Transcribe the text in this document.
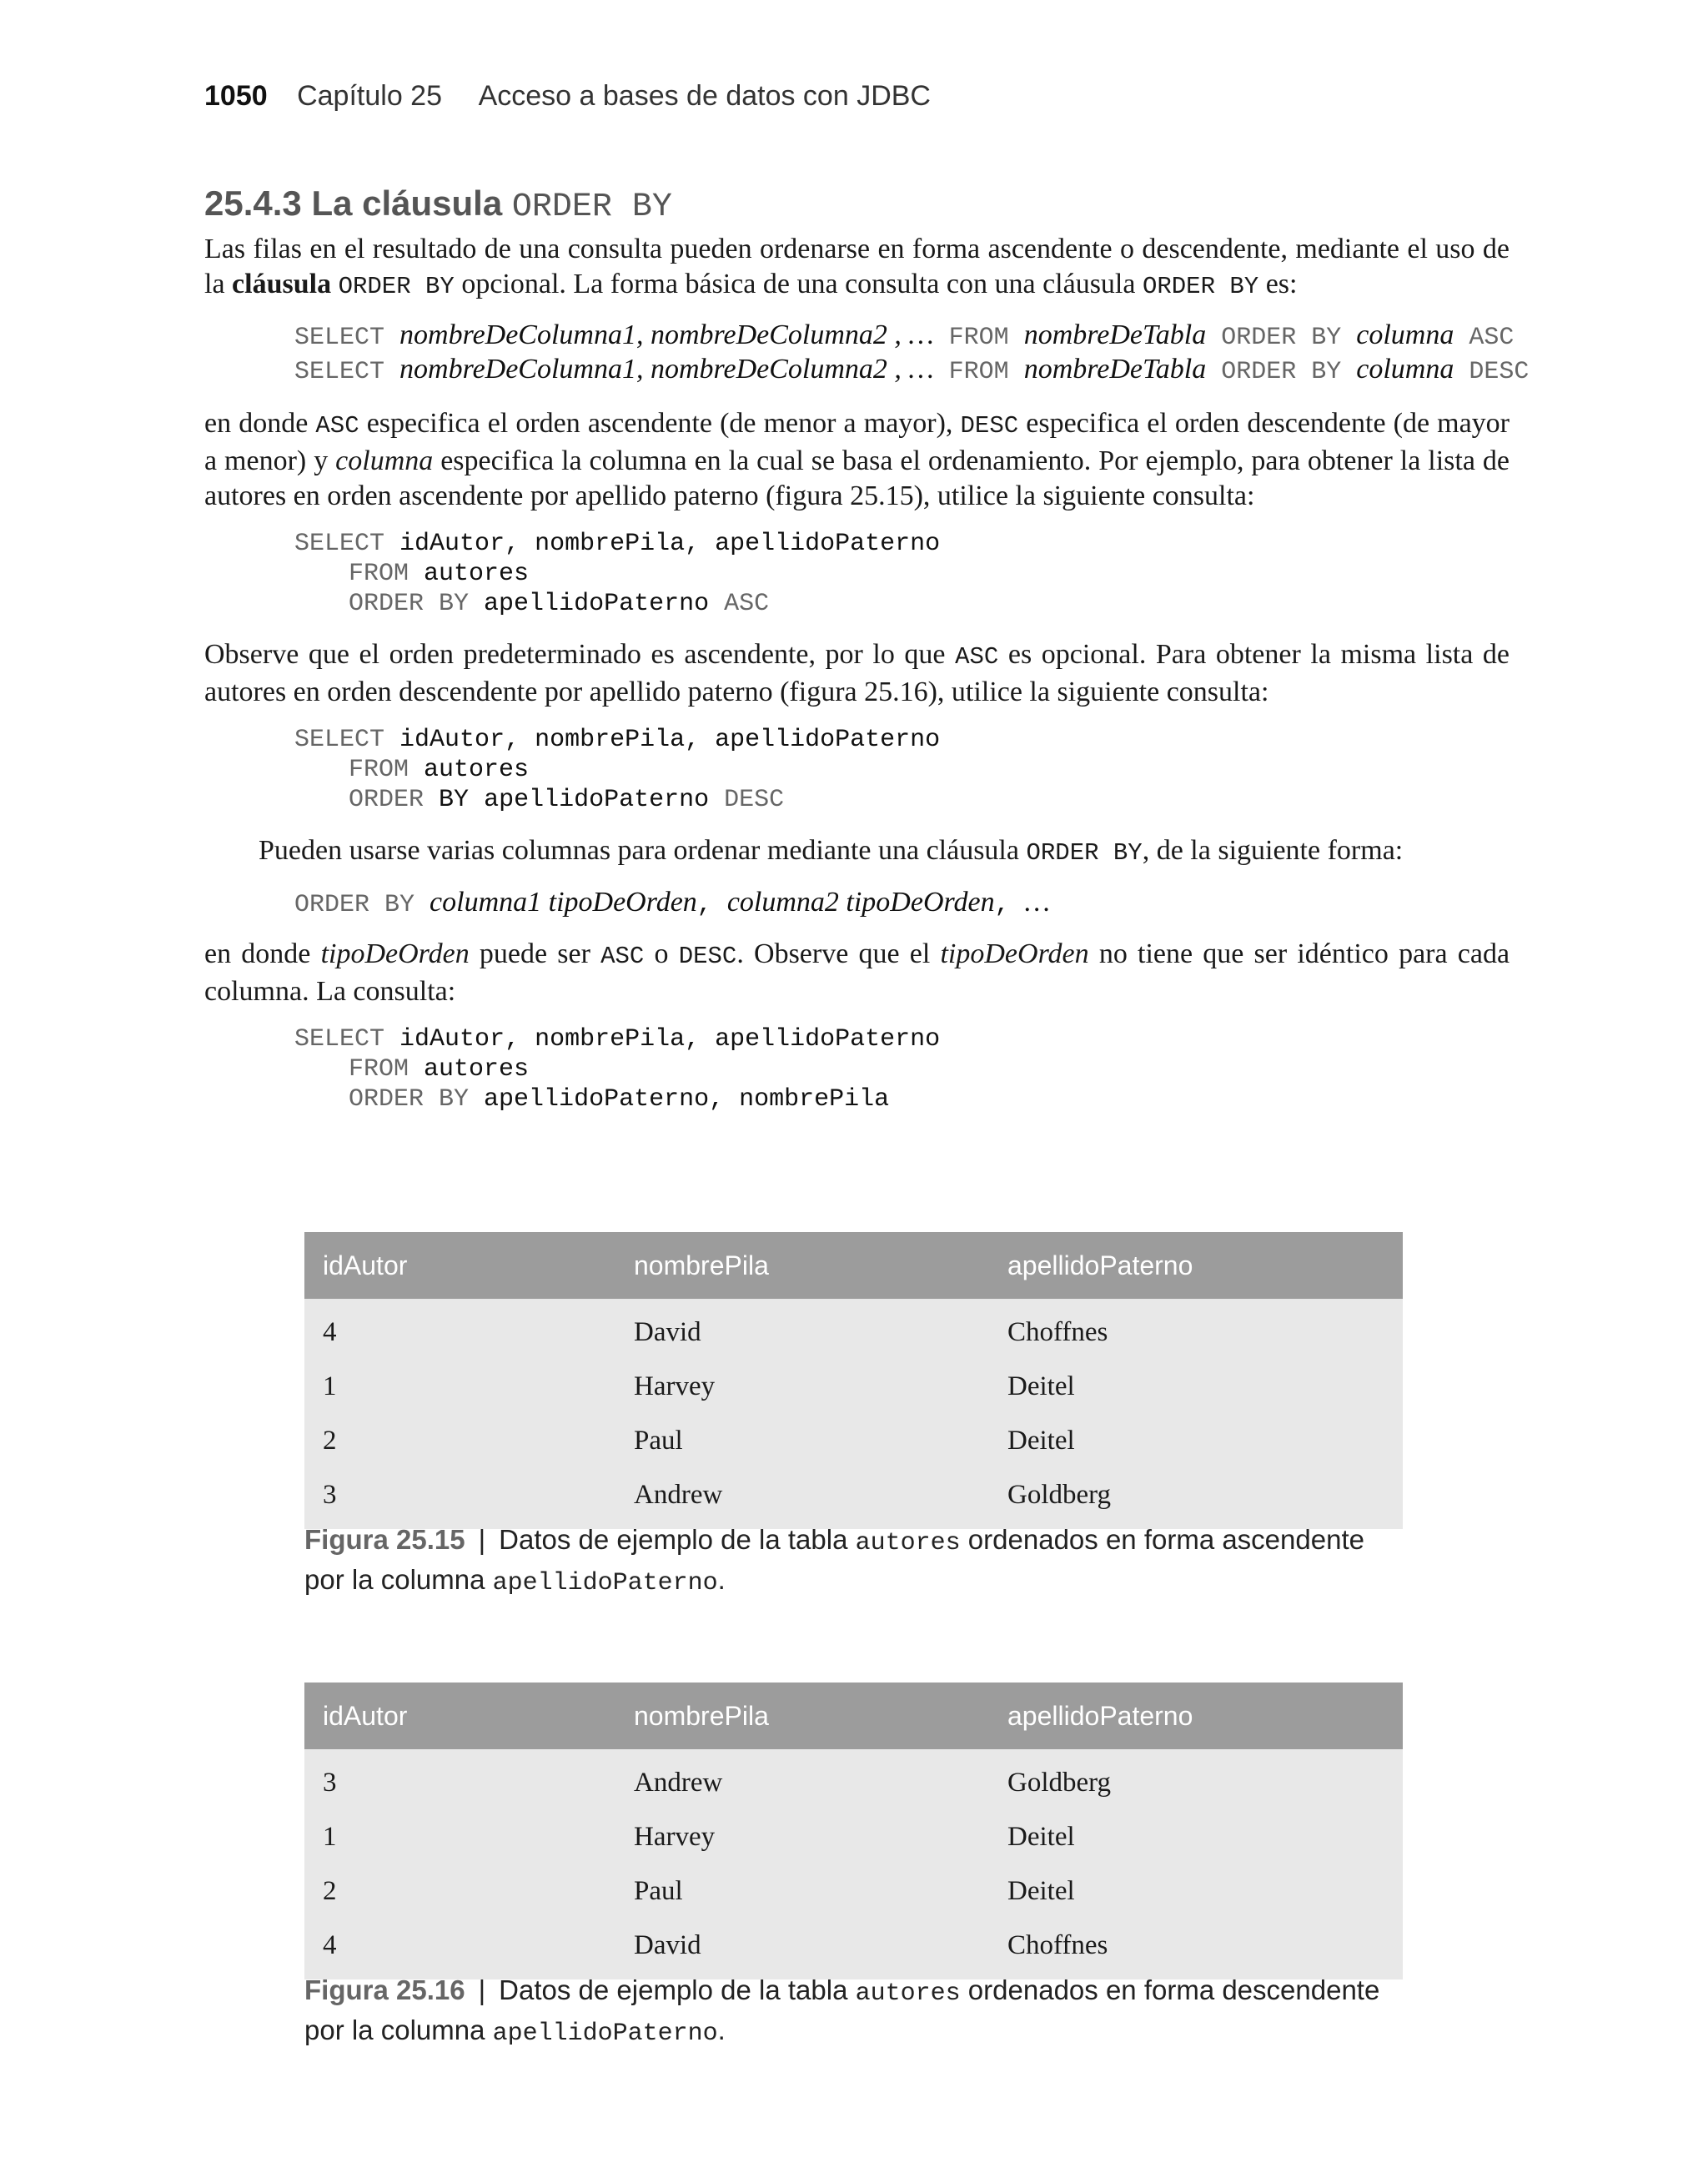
1050 Capítulo 25 Acceso a bases de datos con JDBC
25.4.3 La cláusula ORDER BY

Las filas en el resultado de una consulta pueden ordenarse en forma ascendente o descendente, mediante el uso de la cláusula ORDER BY opcional. La forma básica de una consulta con una cláusula ORDER BY es:

SELECT nombreDeColumna1, nombreDeColumna2 , … FROM nombreDeTabla ORDER BY columna ASC
SELECT nombreDeColumna1, nombreDeColumna2 , … FROM nombreDeTabla ORDER BY columna DESC

en donde ASC especifica el orden ascendente (de menor a mayor), DESC especifica el orden descendente (de mayor a menor) y columna especifica la columna en la cual se basa el ordenamiento. Por ejemplo, para obtener la lista de autores en orden ascendente por apellido paterno (figura 25.15), utilice la siguiente consulta:

SELECT idAutor, nombrePila, apellidoPaterno
FROM autores
ORDER BY apellidoPaterno ASC

Observe que el orden predeterminado es ascendente, por lo que ASC es opcional. Para obtener la misma lista de autores en orden descendente por apellido paterno (figura 25.16), utilice la siguiente consulta:

SELECT idAutor, nombrePila, apellidoPaterno
FROM autores
ORDER BY apellidoPaterno DESC

Pueden usarse varias columnas para ordenar mediante una cláusula ORDER BY, de la siguiente forma:

ORDER BY columna1 tipoDeOrden, columna2 tipoDeOrden, …

en donde tipoDeOrden puede ser ASC o DESC. Observe que el tipoDeOrden no tiene que ser idéntico para cada columna. La consulta:

SELECT idAutor, nombrePila, apellidoPaterno
FROM autores
ORDER BY apellidoPaterno, nombrePila
idAutor	nombrePila	apellidoPaterno
4	David	Choffnes
1	Harvey	Deitel
2	Paul	Deitel
3	Andrew	Goldberg
Figura 25.15 | Datos de ejemplo de la tabla autores ordenados en forma ascendente por la columna apellidoPaterno.
idAutor	nombrePila	apellidoPaterno
3	Andrew	Goldberg
1	Harvey	Deitel
2	Paul	Deitel
4	David	Choffnes
Figura 25.16 | Datos de ejemplo de la tabla autores ordenados en forma descendente por la columna apellidoPaterno.
